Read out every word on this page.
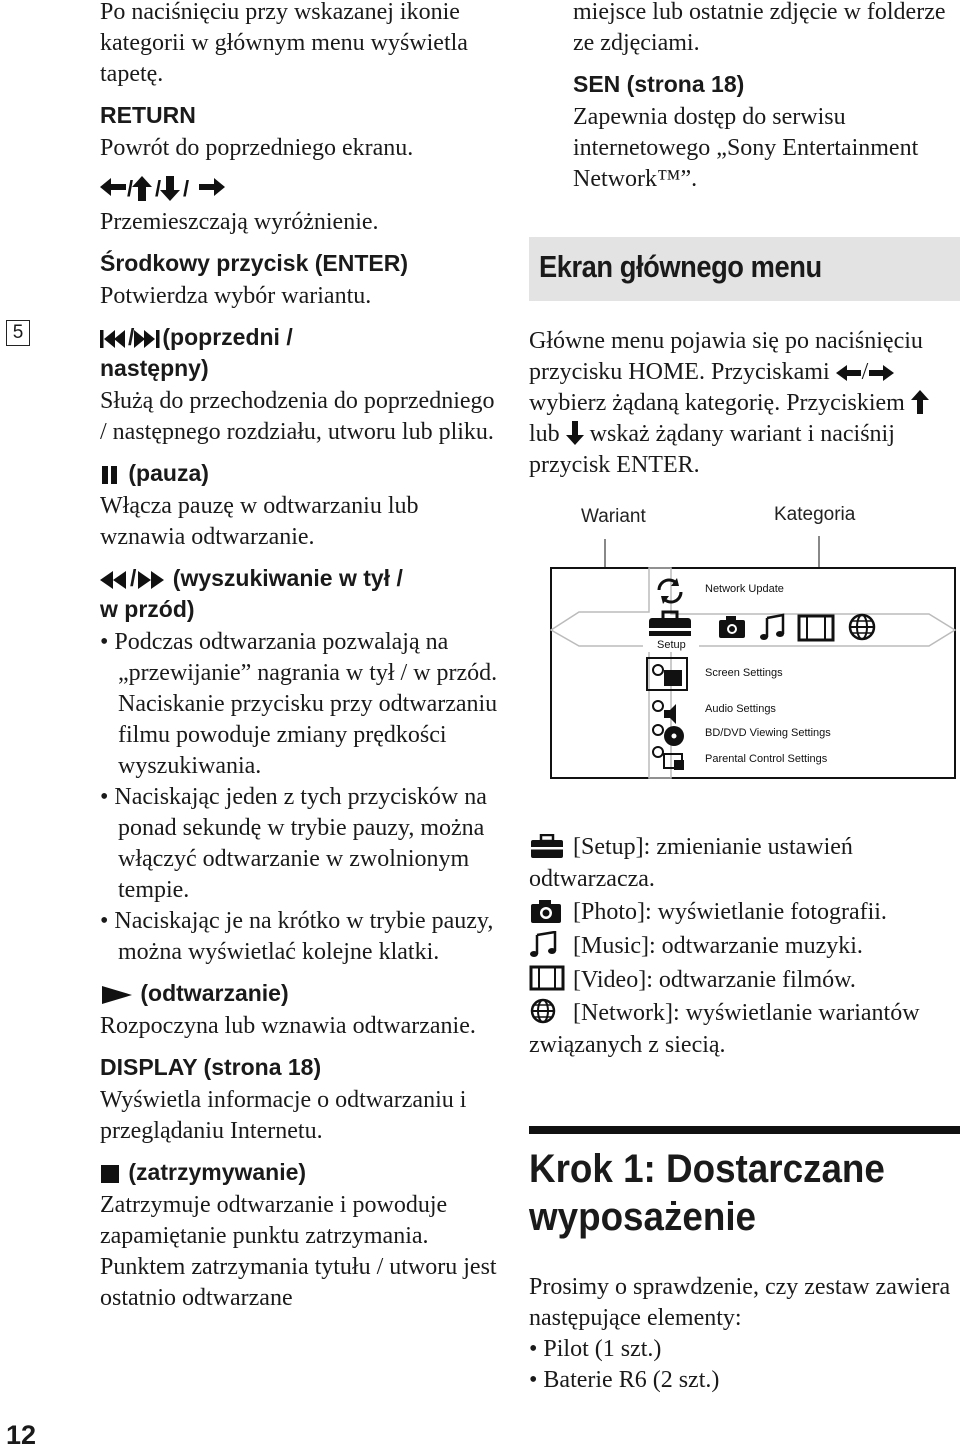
12
5

Po naciśnięciu przy wskazanej ikonie kategorii w głównym menu wyświetla tapetę.

RETURN

Powrót do poprzedniego ekranu.

/ / /

Przemieszczają wyróżnienie.

Środkowy przycisk (ENTER)

Potwierdza wybór wariantu.

/ (poprzedni /
następny)

Służą do przechodzenia do poprzedniego / następnego rozdziału, utworu lub pliku.

(pauza)

Włącza pauzę w odtwarzaniu lub wznawia odtwarzanie.

/ (wyszukiwanie w tył /
w przód)

• Podczas odtwarzania pozwalają na „przewijanie” nagrania w tył / w przód. Naciskanie przycisku przy odtwarzaniu filmu powoduje zmiany prędkości wyszukiwania.

• Naciskając jeden z tych przycisków na ponad sekundę w trybie pauzy, można włączyć odtwarzanie w zwolnionym tempie.

• Naciskając je na krótko w trybie pauzy, można wyświetlać kolejne klatki.

(odtwarzanie)

Rozpoczyna lub wznawia odtwarzanie.

DISPLAY (strona 18)

Wyświetla informacje o odtwarzaniu i przeglądaniu Internetu.

(zatrzymywanie)

Zatrzymuje odtwarzanie i powoduje zapamiętanie punktu zatrzymania. Punktem zatrzymania tytułu / utworu jest ostatnio odtwarzane

miejsce lub ostatnie zdjęcie w folderze ze zdjęciami.

SEN (strona 18)

Zapewnia dostęp do serwisu internetowego „Sony Entertainment Network™”.

Ekran głównego menu

Główne menu pojawia się po naciśnięciu przycisku HOME. Przyciskami / wybierz żądaną kategorię. Przyciskiem  lub wskaż żądany wariant i naciśnij przycisk ENTER.

Wariant	Kategoria
Network Update
Setup
Screen Settings
Audio Settings
BD/DVD Viewing Settings
Parental Control Settings

[Setup]: zmienianie ustawień odtwarzacza.

[Photo]: wyświetlanie fotografii.

[Music]: odtwarzanie muzyki.

[Video]: odtwarzanie filmów.

[Network]: wyświetlanie wariantów związanych z siecią.

Krok 1: Dostarczane wyposażenie

Prosimy o sprawdzenie, czy zestaw zawiera następujące elementy:

• Pilot (1 szt.)

• Baterie R6 (2 szt.)
